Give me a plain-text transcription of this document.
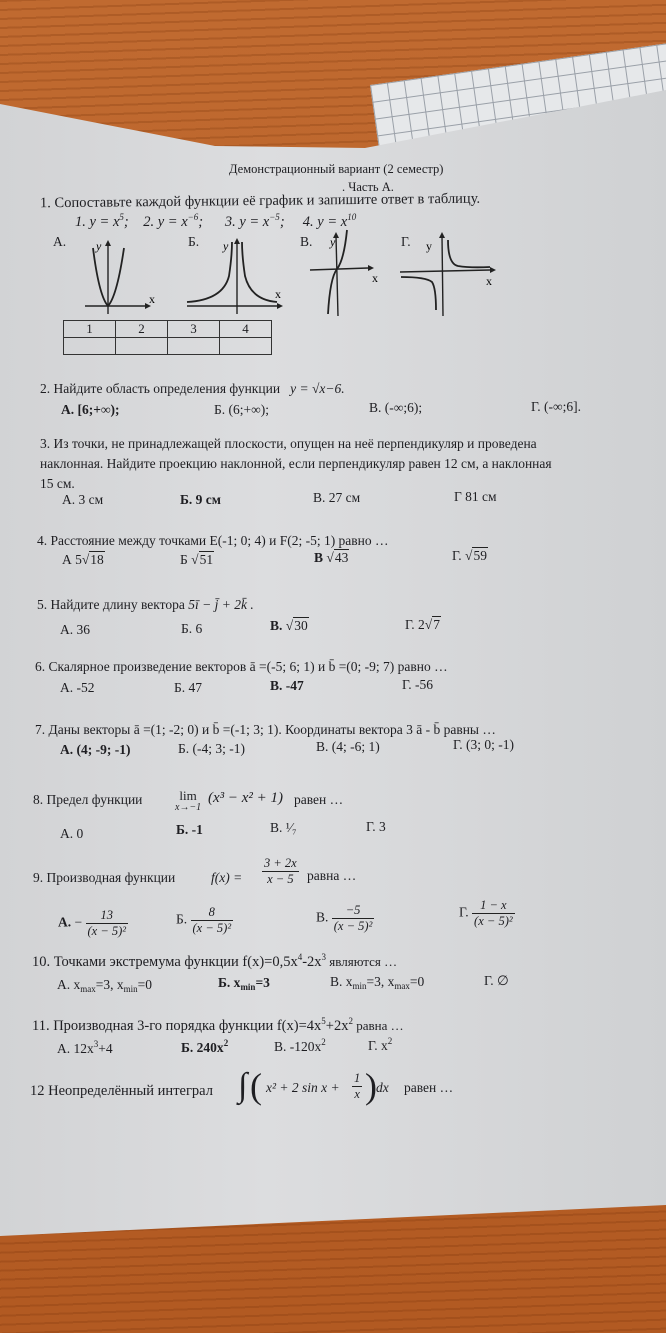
Демонстрационный вариант (2 семестр)
. Часть А.
1. Сопоставьте каждой функции её график и запишите ответ в таблицу.
1. $y = x^5$; 2. $y = x^{-6}$; 3. $y = x^{-5}$; 4. $y = x^{10}$
А.	Б.	В.	Г.
y
x
y
x
y
x
у
x
1	2	3	4

2. Найдите область определения функции y = √x−6.
А. [6;+∞);	Б. (6;+∞);	В. (-∞;6);	Г. (-∞;6].
3. Из точки, не принадлежащей плоскости, опущен на неё перпендикуляр и проведена
наклонная. Найдите проекцию наклонной, если перпендикуляр равен 12 см, а наклонная
15 см.
А. 3 см	Б. 9 см	В. 27 см	Г 81 см
4. Расстояние между точками E(-1; 0; 4) и F(2; -5; 1) равно …
А 5√18	Б √51	В √43	Г. √59
5. Найдите длину вектора 5ī − j̄ + 2k̄ .
А. 36	Б. 6	В. √30	Г. 2√7
6. Скалярное произведение векторов ā =(-5; 6; 1) и b̄ =(0; -9; 7) равно …
А. -52	Б. 47	В. -47	Г. -56
7. Даны векторы ā =(1; -2; 0) и b̄ =(-1; 3; 1). Координаты вектора 3 ā - b̄ равны …
А. (4; -9; -1)	Б. (-4; 3; -1)	В. (4; -6; 1)	Г. (3; 0; -1)
8. Предел функции	lim
x→−1
(x³ − x² + 1) равен …
А. 0	Б. -1	В. ¹⁄₇	Г. 3
9. Производная функции	$f(x) = \frac{3 + 2x}{x - 5}$ равна …
А. − $\frac{13}{\text{(x − 5)²}}$	Б. $\frac{8}{\text{(x − 5)²}}$	В. $\frac{-5}{\text{(x − 5)²}}$	Г. $\frac{1 - x}{\text{(x − 5)²}}$
10. Точками экстремума функции $f(x)=0,5x^4-2x^3$ являются …
А. $x_{max}=3$, $x_{min}=0$	Б. $x_{min}=3$	В. $x_{min}=3$, $x_{max}=0$	Г. ∅
11. Производная 3-го порядка функции $f(x)=4x^5+2x^2$ равна …
А. $12x^3+4$	Б. $240x^2$	В. $-120x^2$	Г. $x^2$
12 Неопределённый интеграл ∫ ( x² + 2 $\sin x + \frac{1}{x}$ ) dx равен …
